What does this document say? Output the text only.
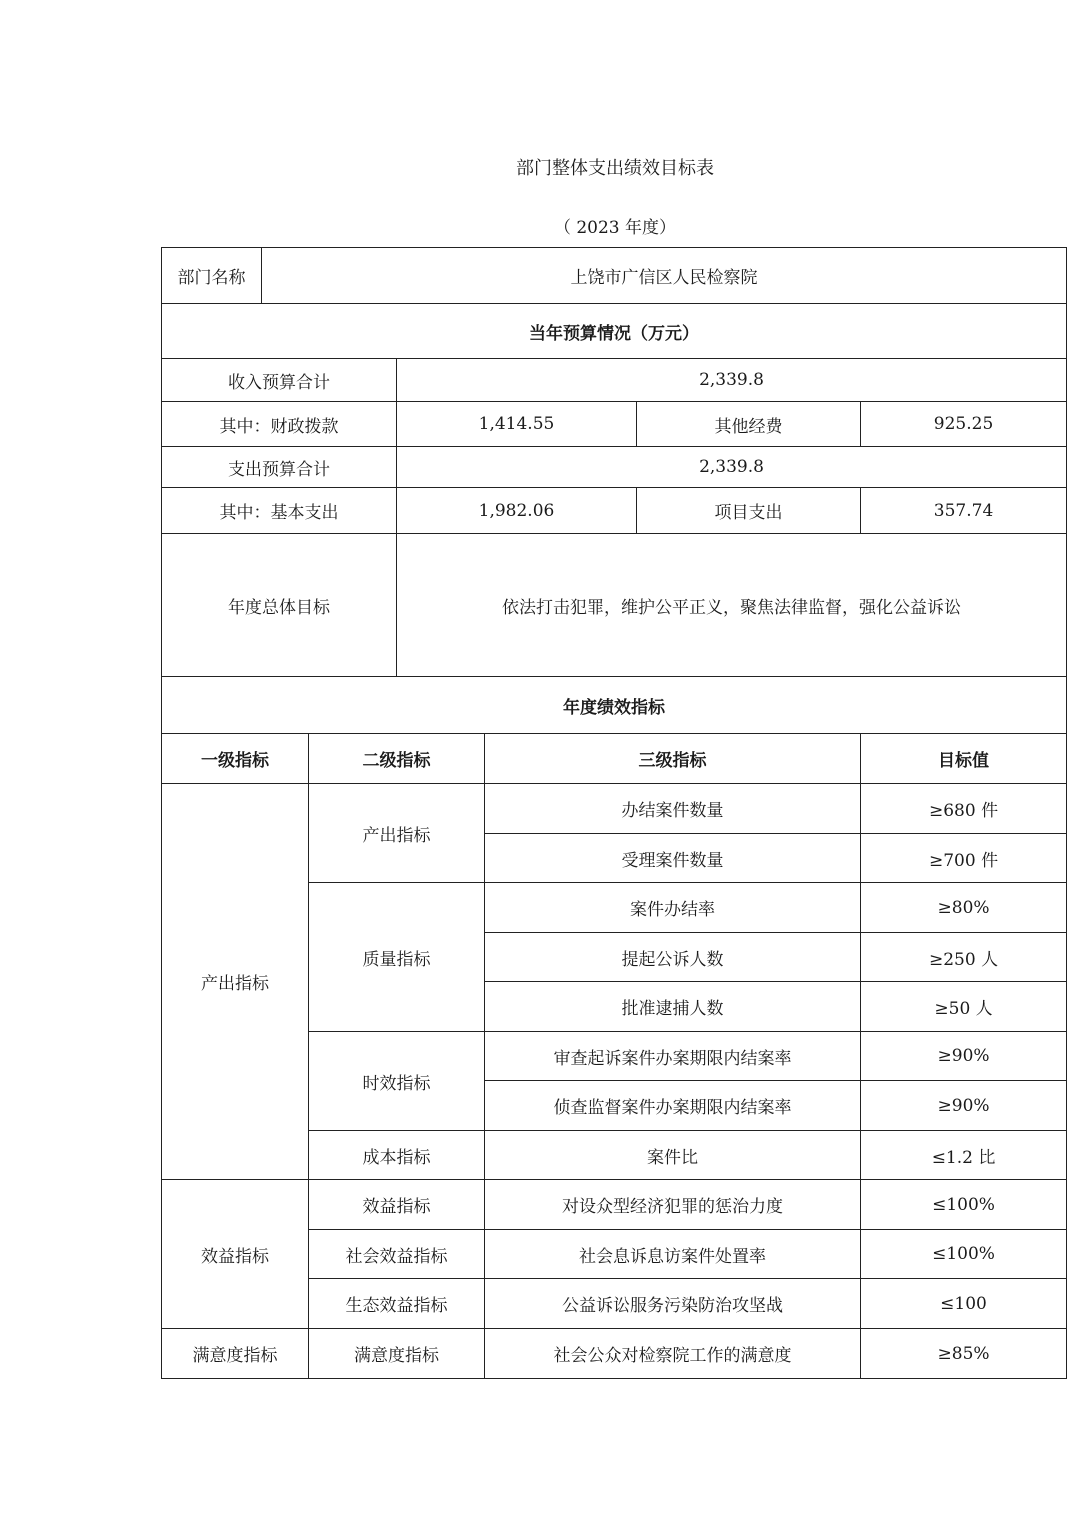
部门整体支出绩效目标表
（ 2023 年度）
部门名称	上饶市广信区人民检察院					
当年预算情况（万元）						
收入预算合计			2,339.8			
其中：财政拨款			1,414.55		其他经费	925.25
支出预算合计			2,339.8			
其中：基本支出			1,982.06		项目支出	357.74
年度总体目标			依法打击犯罪，维护公平正义，聚焦法律监督，强化公益诉讼			
年度绩效指标						
一级指标		二级指标		三级指标		目标值
产出指标		产出指标		办结案件数量		≥680 件
				受理案件数量		≥700 件
		质量指标		案件办结率		≥80%
				提起公诉人数		≥250 人
				批准逮捕人数		≥50 人
		时效指标		审查起诉案件办案期限内结案率		≥90%
				侦查监督案件办案期限内结案率		≥90%
		成本指标		案件比		≤1.2 比
效益指标		效益指标		对设众型经济犯罪的惩治力度		≤100%
		社会效益指标		社会息诉息访案件处置率		≤100%
		生态效益指标		公益诉讼服务污染防治攻坚战		≤100
满意度指标		满意度指标		社会公众对检察院工作的满意度		≥85%
